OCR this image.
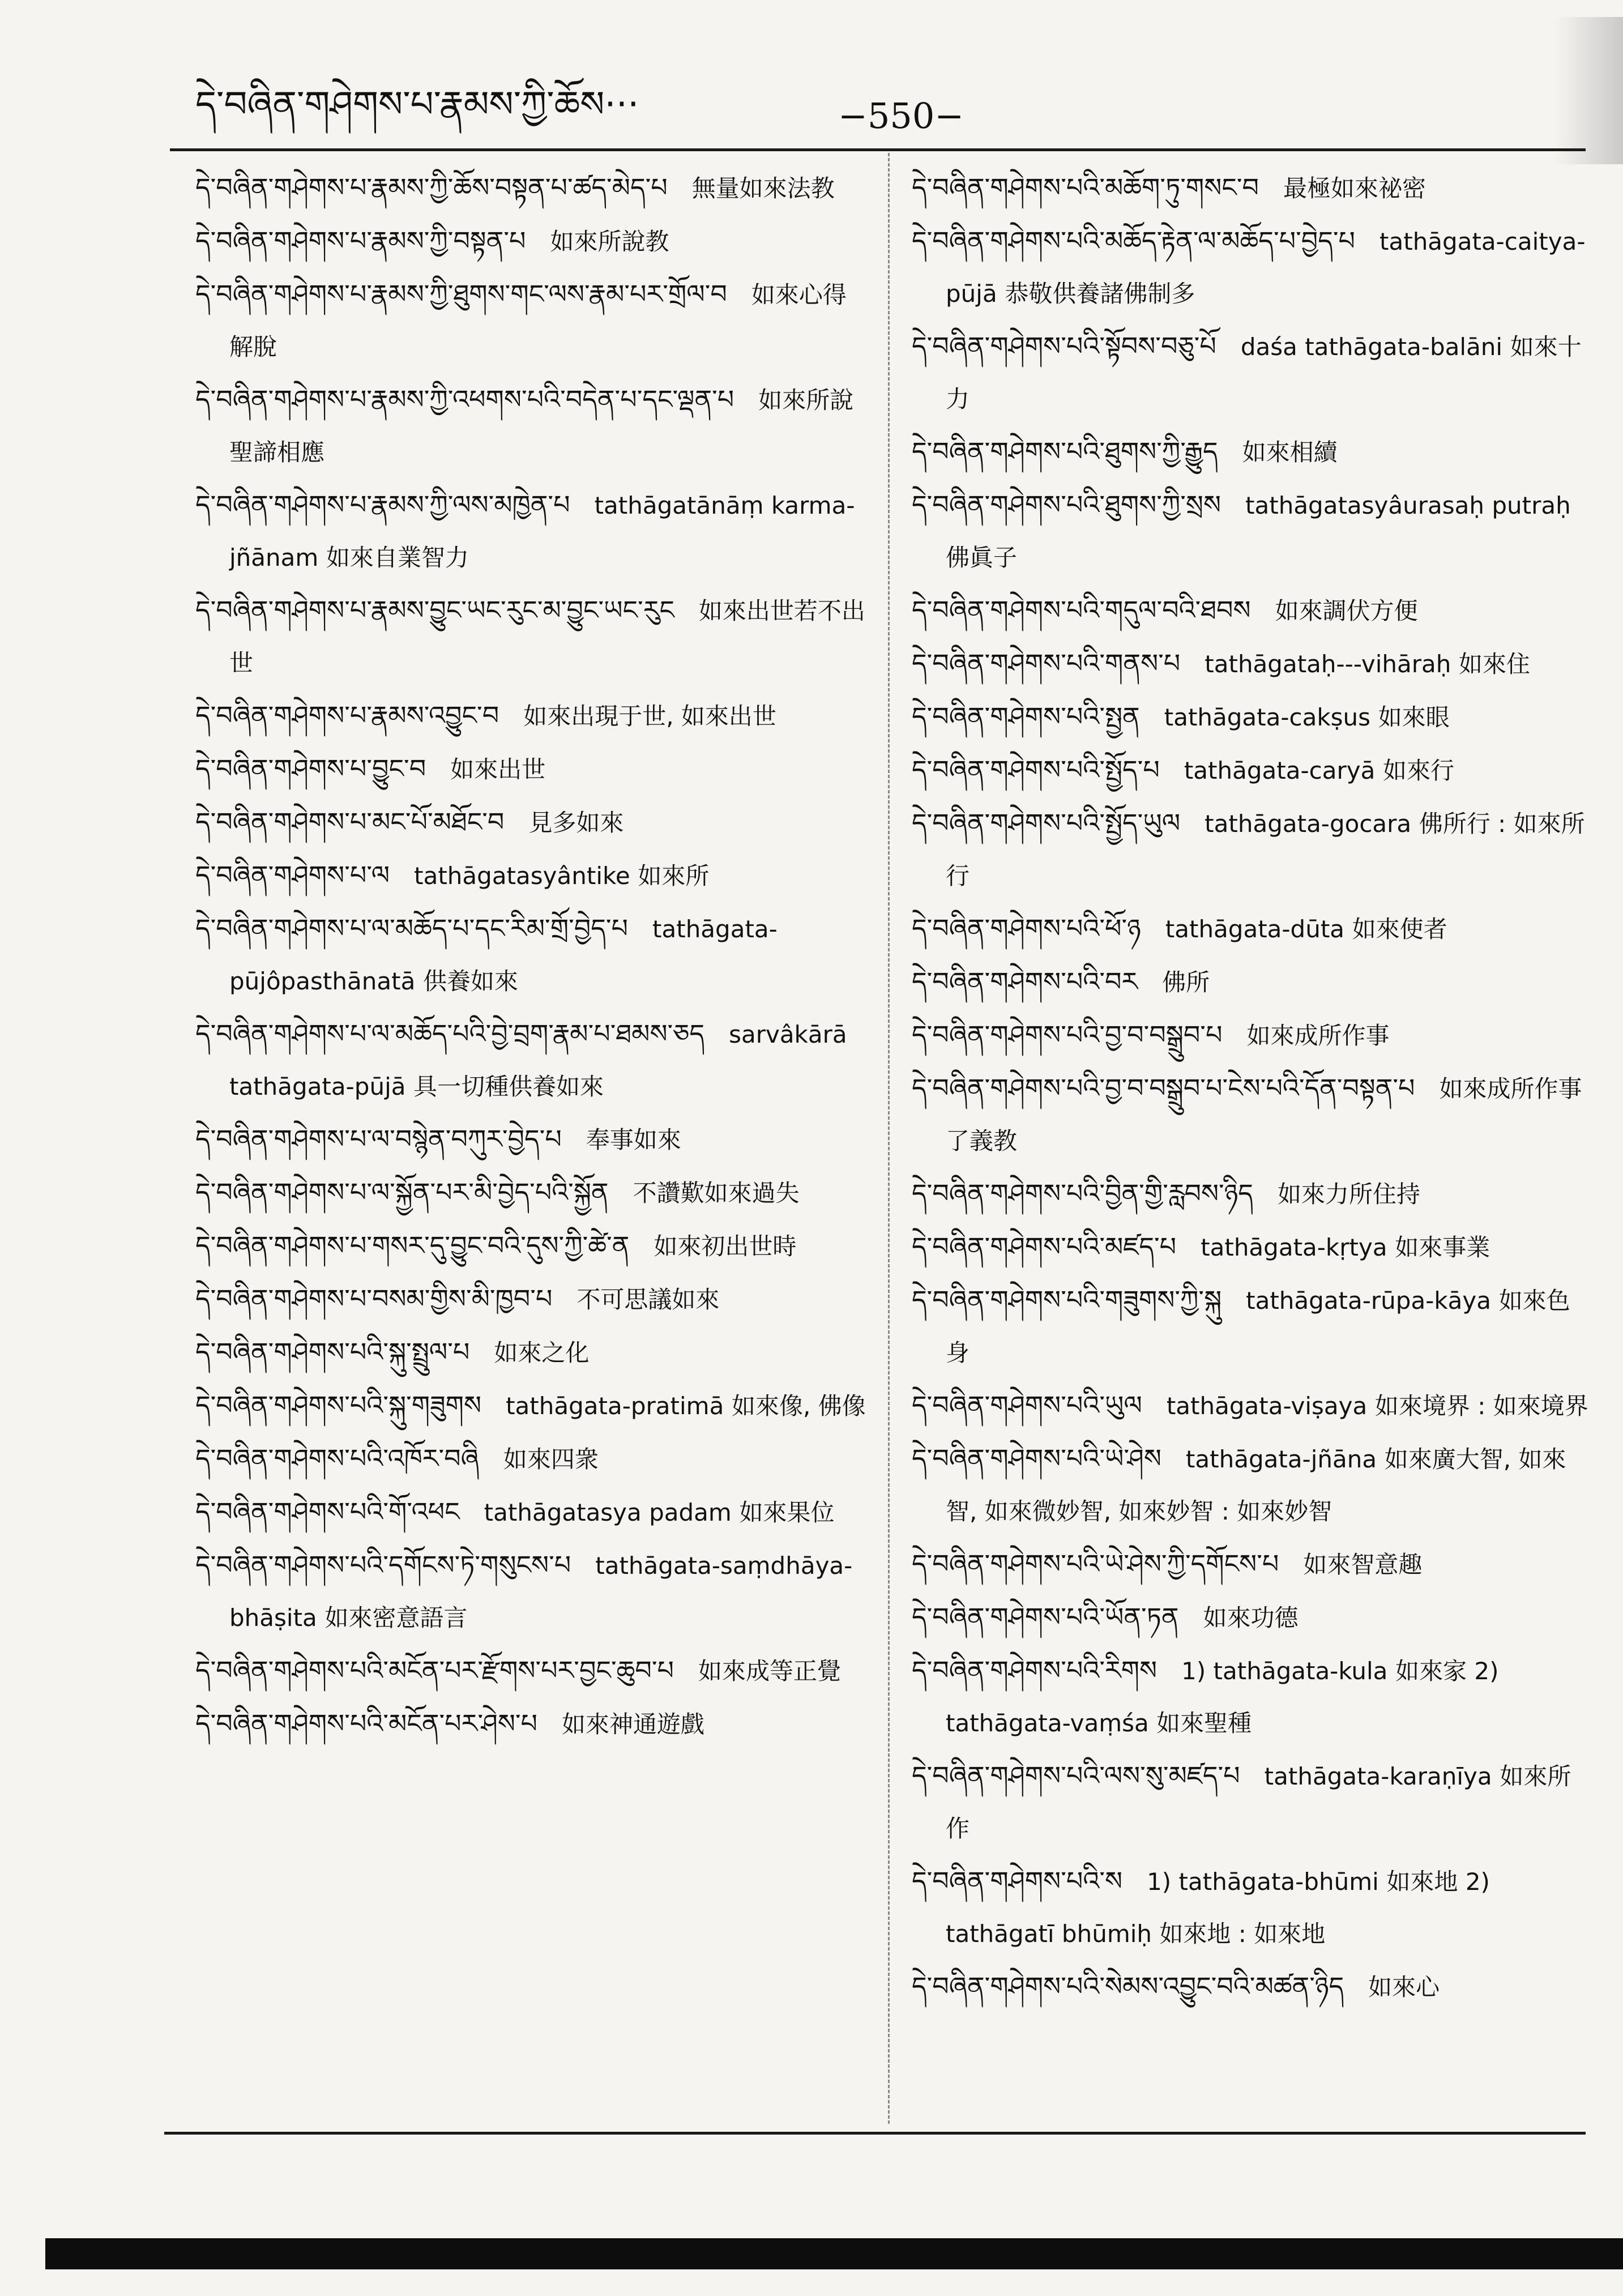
དེ་བཞིན་གཤེགས་པ་རྣམས་ཀྱི་ཆོས···	−550−

དེ་བཞིན་གཤེགས་པ་རྣམས་ཀྱི་ཆོས་བསྟན་པ་ཚད་མེད་པ  無量如來法教

དེ་བཞིན་གཤེགས་པ་རྣམས་ཀྱི་བསྟན་པ  如來所說教

དེ་བཞིན་གཤེགས་པ་རྣམས་ཀྱི་ཐུགས་གང་ལས་རྣམ་པར་གྲོལ་བ  如來心得解脫

དེ་བཞིན་གཤེགས་པ་རྣམས་ཀྱི་འཕགས་པའི་བདེན་པ་དང་ལྡན་པ  如來所說聖諦相應

དེ་བཞིན་གཤེགས་པ་རྣམས་ཀྱི་ལས་མཁྱེན་པ  tathāgatānāṃ karma-jñānam 如來自業智力

དེ་བཞིན་གཤེགས་པ་རྣམས་བྱུང་ཡང་རུང་མ་བྱུང་ཡང་རུང  如來出世若不出世

དེ་བཞིན་གཤེགས་པ་རྣམས་འབྱུང་བ  如來出現于世, 如來出世

དེ་བཞིན་གཤེགས་པ་བྱུང་བ  如來出世

དེ་བཞིན་གཤེགས་པ་མང་པོ་མཐོང་བ  見多如來

དེ་བཞིན་གཤེགས་པ་ལ  tathāgatasyântike 如來所

དེ་བཞིན་གཤེགས་པ་ལ་མཆོད་པ་དང་རིམ་གྲོ་བྱེད་པ  tathāgata-pūjôpasthānatā 供養如來

དེ་བཞིན་གཤེགས་པ་ལ་མཆོད་པའི་བྱེ་བྲག་རྣམ་པ་ཐམས་ཅད  sarvâkārā tathāgata-pūjā 具一切種供養如來

དེ་བཞིན་གཤེགས་པ་ལ་བསྙེན་བཀུར་བྱེད་པ  奉事如來

དེ་བཞིན་གཤེགས་པ་ལ་སྐྱོན་པར་མི་བྱེད་པའི་སྐྱོན  不讚歎如來過失

དེ་བཞིན་གཤེགས་པ་གསར་དུ་བྱུང་བའི་དུས་ཀྱི་ཚེ་ན  如來初出世時

དེ་བཞིན་གཤེགས་པ་བསམ་གྱིས་མི་ཁྱབ་པ  不可思議如來

དེ་བཞིན་གཤེགས་པའི་སྐུ་སྤྲུལ་པ  如來之化

དེ་བཞིན་གཤེགས་པའི་སྐུ་གཟུགས  tathāgata-pratimā 如來像, 佛像

དེ་བཞིན་གཤེགས་པའི་འཁོར་བཞི  如來四衆

དེ་བཞིན་གཤེགས་པའི་གོ་འཕང  tathāgatasya padam 如來果位

དེ་བཞིན་གཤེགས་པའི་དགོངས་ཏེ་གསུངས་པ  tathāgata-saṃdhāya-bhāṣita 如來密意語言

དེ་བཞིན་གཤེགས་པའི་མངོན་པར་རྫོགས་པར་བྱང་ཆུབ་པ  如來成等正覺

དེ་བཞིན་གཤེགས་པའི་མངོན་པར་ཤེས་པ  如來神通遊戲

དེ་བཞིན་གཤེགས་པའི་མཆོག་ཏུ་གསང་བ  最極如來祕密

དེ་བཞིན་གཤེགས་པའི་མཆོད་རྟེན་ལ་མཆོད་པ་བྱེད་པ  tathāgata-caitya-pūjā 恭敬供養諸佛制多

དེ་བཞིན་གཤེགས་པའི་སྟོབས་བཅུ་པོ  daśa tathāgata-balāni 如來十力

དེ་བཞིན་གཤེགས་པའི་ཐུགས་ཀྱི་རྒྱུད  如來相續

དེ་བཞིན་གཤེགས་པའི་ཐུགས་ཀྱི་སྲས  tathāgatasyâurasaḥ putraḥ 佛眞子

དེ་བཞིན་གཤེགས་པའི་གདུལ་བའི་ཐབས  如來調伏方便

དེ་བཞིན་གཤེགས་པའི་གནས་པ  tathāgataḥ---vihāraḥ 如來住

དེ་བཞིན་གཤེགས་པའི་སྤྱན  tathāgata-cakṣus 如來眼

དེ་བཞིན་གཤེགས་པའི་སྤྱོད་པ  tathāgata-caryā 如來行

དེ་བཞིན་གཤེགས་པའི་སྤྱོད་ཡུལ  tathāgata-gocara 佛所行 : 如來所行

དེ་བཞིན་གཤེགས་པའི་ཕོ་ཉ  tathāgata-dūta 如來使者

དེ་བཞིན་གཤེགས་པའི་བར  佛所

དེ་བཞིན་གཤེགས་པའི་བྱ་བ་བསྒྲུབ་པ  如來成所作事

དེ་བཞིན་གཤེགས་པའི་བྱ་བ་བསྒྲུབ་པ་ངེས་པའི་དོན་བསྟན་པ  如來成所作事了義教

དེ་བཞིན་གཤེགས་པའི་བྱིན་གྱི་རླབས་ཉིད  如來力所住持

དེ་བཞིན་གཤེགས་པའི་མཛད་པ  tathāgata-kṛtya 如來事業

དེ་བཞིན་གཤེགས་པའི་གཟུགས་ཀྱི་སྐུ  tathāgata-rūpa-kāya 如來色身

དེ་བཞིན་གཤེགས་པའི་ཡུལ  tathāgata-viṣaya 如來境界 : 如來境界

དེ་བཞིན་གཤེགས་པའི་ཡེ་ཤེས  tathāgata-jñāna 如來廣大智, 如來智, 如來微妙智, 如來妙智 : 如來妙智

དེ་བཞིན་གཤེགས་པའི་ཡེ་ཤེས་ཀྱི་དགོངས་པ  如來智意趣

དེ་བཞིན་གཤེགས་པའི་ཡོན་ཏན  如來功德

དེ་བཞིན་གཤེགས་པའི་རིགས  1) tathāgata-kula 如來家 2) tathāgata-vaṃśa 如來聖種

དེ་བཞིན་གཤེགས་པའི་ལས་སུ་མཛད་པ  tathāgata-karaṇīya 如來所作

དེ་བཞིན་གཤེགས་པའི་ས  1) tathāgata-bhūmi 如來地 2) tathāgatī bhūmiḥ 如來地 : 如來地

དེ་བཞིན་གཤེགས་པའི་སེམས་འབྱུང་བའི་མཚན་ཉིད  如來心
